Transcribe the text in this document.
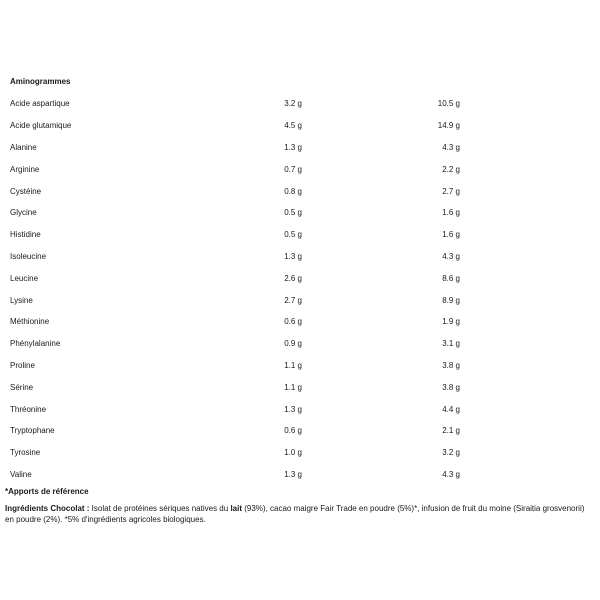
Aminogrammes

Acide aspartique	3.2 g	10.5 g
Acide glutamique	4.5 g	14.9 g
Alanine	1.3 g	4.3 g
Arginine	0.7 g	2.2 g
Cystéine	0.8 g	2.7 g
Glycine	0.5 g	1.6 g
Histidine	0.5 g	1.6 g
Isoleucine	1.3 g	4.3 g
Leucine	2.6 g	8.6 g
Lysine	2.7 g	8.9 g
Méthionine	0.6 g	1.9 g
Phénylalanine	0.9 g	3.1 g
Proline	1.1 g	3.8 g
Sérine	1.1 g	3.8 g
Thréonine	1.3 g	4.4 g
Tryptophane	0.6 g	2.1 g
Tyrosine	1.0 g	3.2 g
Valine	1.3 g	4.3 g

*Apports de référence

Ingrédients Chocolat : Isolat de protéines sériques natives du lait (93%), cacao maigre Fair Trade en poudre (5%)*, infusion de fruit du moine (Siraitia grosvenorii) en poudre (2%). *5% d'ingrédients agricoles biologiques.
